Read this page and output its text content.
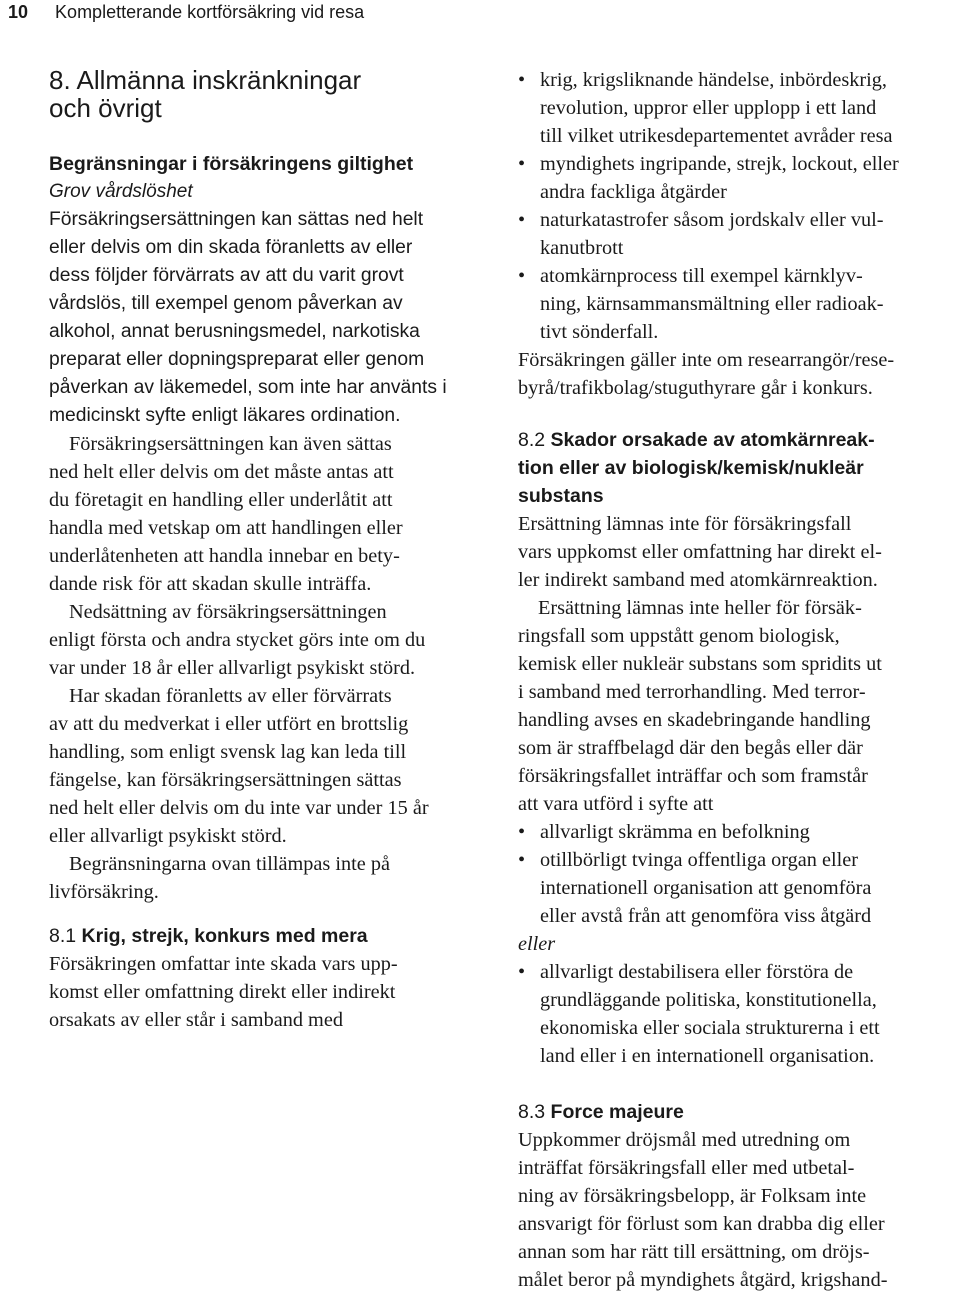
10 Kompletterande kortförsäkring vid resa
8. Allmänna inskränkningar
och övrigt
Begränsningar i försäkringens giltighet
Grov vårdslöshet

Försäkringsersättningen kan sättas ned helt
eller delvis om din skada föranletts av eller
dess följder förvärrats av att du varit grovt
vårdslös, till exempel genom påverkan av
alkohol, annat berusningsmedel, narkotiska
preparat eller dopningspreparat eller genom
påverkan av läkemedel, som inte har använts i
medicinskt syfte enligt läkares ordination.

Försäkringsersättningen kan även sättas
ned helt eller delvis om det måste antas att
du företagit en handling eller underlåtit att
handla med vetskap om att handlingen eller
underlåtenheten att handla innebar en bety-
dande risk för att skadan skulle inträffa.

Nedsättning av försäkringsersättningen
enligt första och andra stycket görs inte om du
var under 18 år eller allvarligt psykiskt störd.

Har skadan föranletts av eller förvärrats
av att du medverkat i eller utfört en brottslig
handling, som enligt svensk lag kan leda till
fängelse, kan försäkringsersättningen sättas
ned helt eller delvis om du inte var under 15 år
eller allvarligt psykiskt störd.

Begränsningarna ovan tillämpas inte på
livförsäkring.

8.1 Krig, strejk, konkurs med mera

Försäkringen omfattar inte skada vars upp-
komst eller omfattning direkt eller indirekt
orsakats av eller står i samband med

• krig, krigsliknande händelse, inbördeskrig,
revolution, uppror eller upplopp i ett land
till vilket utrikesdepartementet avråder resa
• myndighets ingripande, strejk, lockout, eller
andra fackliga åtgärder
• naturkatastrofer såsom jordskalv eller vul-
kanutbrott
• atomkärnprocess till exempel kärnklyv-
ning, kärnsammansmältning eller radioak-
tivt sönderfall.

Försäkringen gäller inte om researrangör/rese-
byrå/trafikbolag/stuguthyrare går i konkurs.

8.2 Skador orsakade av atomkärnreak-
tion eller av biologisk/kemisk/nukleär
substans

Ersättning lämnas inte för försäkringsfall
vars uppkomst eller omfattning har direkt el-
ler indirekt samband med atomkärnreaktion.

Ersättning lämnas inte heller för försäk-
ringsfall som uppstått genom biologisk,
kemisk eller nukleär substans som spridits ut
i samband med terrorhandling. Med terror-
handling avses en skadebringande handling
som är straffbelagd där den begås eller där
försäkringsfallet inträffar och som framstår
att vara utförd i syfte att

• allvarligt skrämma en befolkning
• otillbörligt tvinga offentliga organ eller
internationell organisation att genomföra
eller avstå från att genomföra viss åtgärd
eller
• allvarligt destabilisera eller förstöra de
grundläggande politiska, konstitutionella,
ekonomiska eller sociala strukturerna i ett
land eller i en internationell organisation.
8.3 Force majeure

Uppkommer dröjsmål med utredning om
inträffat försäkringsfall eller med utbetal-
ning av försäkringsbelopp, är Folksam inte
ansvarigt för förlust som kan drabba dig eller
annan som har rätt till ersättning, om dröjs-
målet beror på myndighets åtgärd, krigshand-
